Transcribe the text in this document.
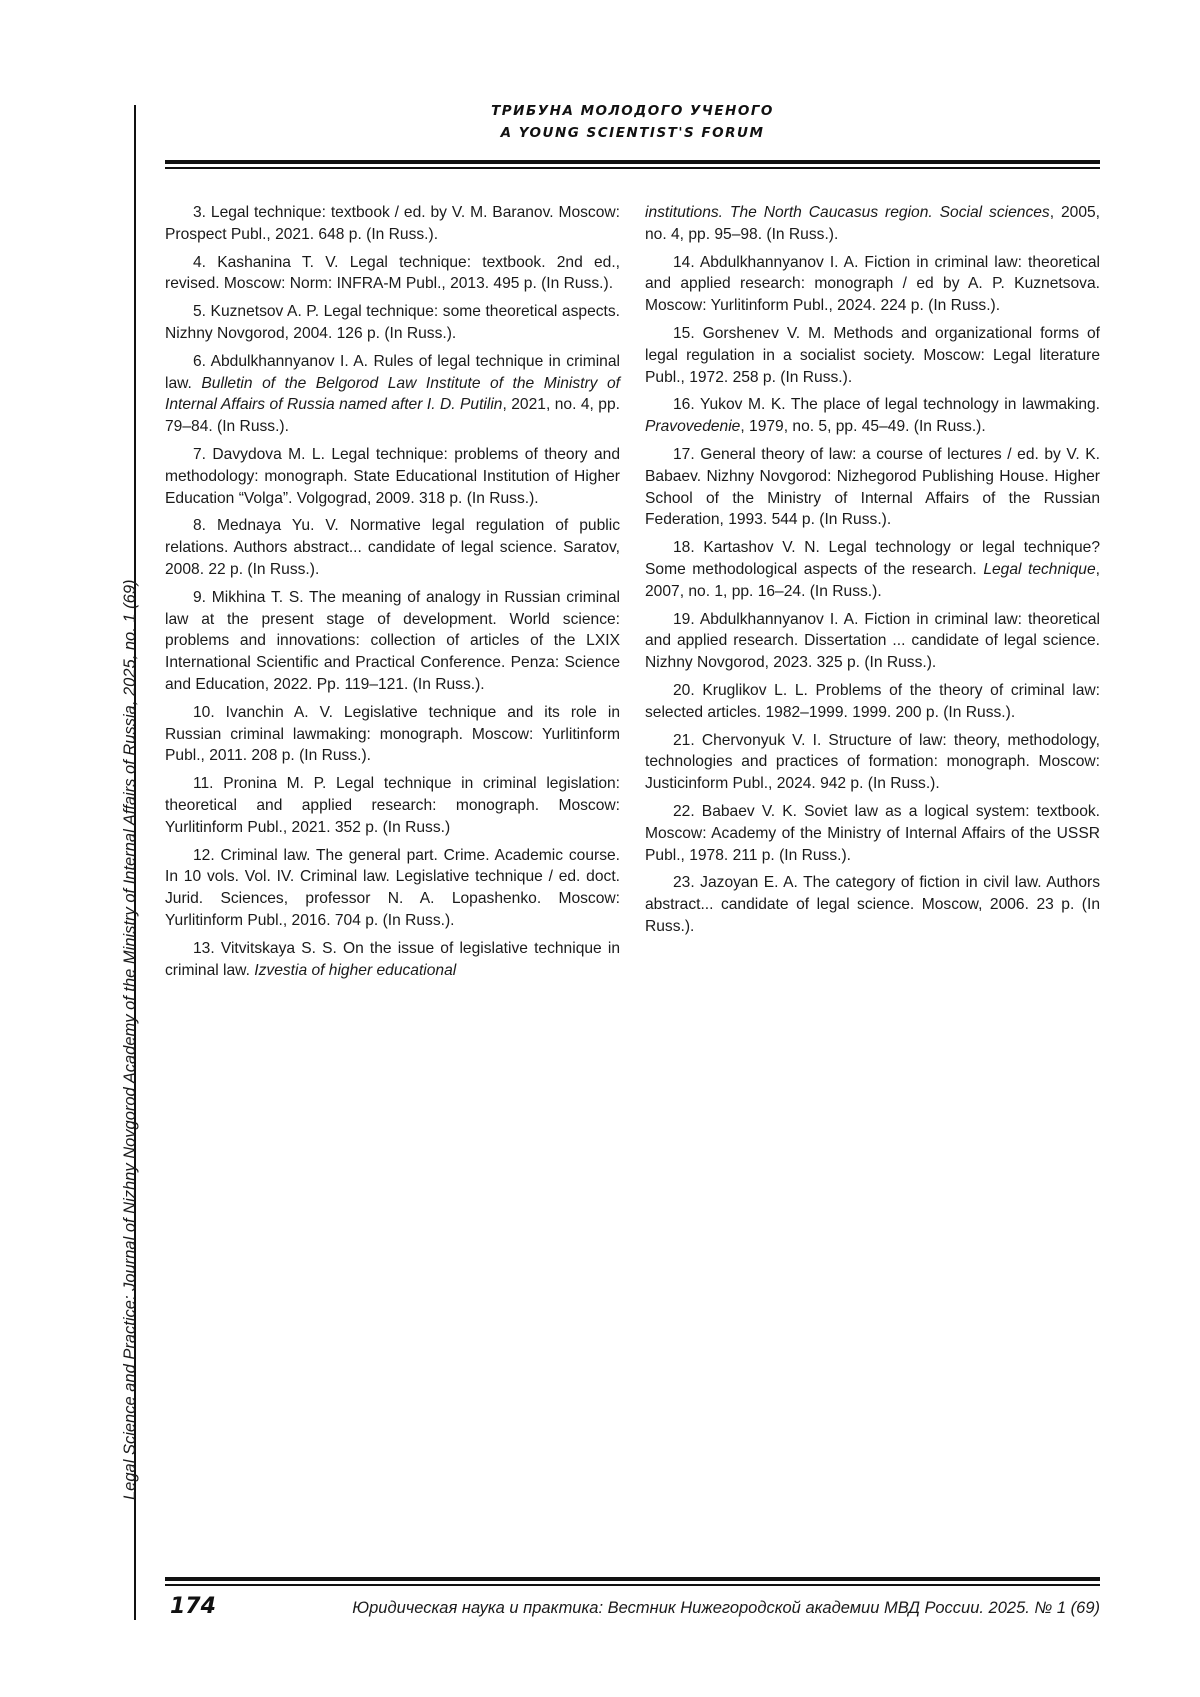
Legal Science and Practice: Journal of Nizhny Novgorod Academy of the Ministry of Internal Affairs of Russia, 2025, no. 1 (69)
ТРИБУНА МОЛОДОГО УЧЕНОГО
A YOUNG SCIENTIST'S FORUM

3. Legal technique: textbook / ed. by V. M. Baranov. Moscow: Prospect Publ., 2021. 648 p. (In Russ.).

4. Kashanina T. V. Legal technique: textbook. 2nd ed., revised. Moscow: Norm: INFRA-M Publ., 2013. 495 p. (In Russ.).

5. Kuznetsov A. P. Legal technique: some theoretical aspects. Nizhny Novgorod, 2004. 126 p. (In Russ.).

6. Abdulkhannyanov I. A. Rules of legal technique in criminal law. Bulletin of the Belgorod Law Institute of the Ministry of Internal Affairs of Russia named after I. D. Putilin, 2021, no. 4, pp. 79–84. (In Russ.).

7. Davydova M. L. Legal technique: problems of theory and methodology: monograph. State Educational Institution of Higher Education “Volga”. Volgograd, 2009. 318 p. (In Russ.).

8. Mednaya Yu. V. Normative legal regulation of public relations. Authors abstract... candidate of legal science. Saratov, 2008. 22 p. (In Russ.).

9. Mikhina T. S. The meaning of analogy in Russian criminal law at the present stage of development. World science: problems and innovations: collection of articles of the LXIX International Scientific and Practical Conference. Penza: Science and Education, 2022. Pp. 119–121. (In Russ.).

10. Ivanchin A. V. Legislative technique and its role in Russian criminal lawmaking: monograph. Moscow: Yurlitinform Publ., 2011. 208 p. (In Russ.).

11. Pronina M. P. Legal technique in criminal legislation: theoretical and applied research: monograph. Moscow: Yurlitinform Publ., 2021. 352 p. (In Russ.)

12. Criminal law. The general part. Crime. Academic course. In 10 vols. Vol. IV. Criminal law. Legislative technique / ed. doct. Jurid. Sciences, professor N. A. Lopashenko. Moscow: Yurlitinform Publ., 2016. 704 p. (In Russ.).

13. Vitvitskaya S. S. On the issue of legislative technique in criminal law. Izvestia of higher educational

institutions. The North Caucasus region. Social sciences, 2005, no. 4, pp. 95–98. (In Russ.).

14. Abdulkhannyanov I. A. Fiction in criminal law: theoretical and applied research: monograph / ed by A. P. Kuznetsova. Moscow: Yurlitinform Publ., 2024. 224 p. (In Russ.).

15. Gorshenev V. M. Methods and organizational forms of legal regulation in a socialist society. Moscow: Legal literature Publ., 1972. 258 p. (In Russ.).

16. Yukov M. K. The place of legal technology in lawmaking. Pravovedenie, 1979, no. 5, pp. 45–49. (In Russ.).

17. General theory of law: a course of lectures / ed. by V. K. Babaev. Nizhny Novgorod: Nizhegorod Publishing House. Higher School of the Ministry of Internal Affairs of the Russian Federation, 1993. 544 p. (In Russ.).

18. Kartashov V. N. Legal technology or legal technique? Some methodological aspects of the research. Legal technique, 2007, no. 1, pp. 16–24. (In Russ.).

19. Abdulkhannyanov I. A. Fiction in criminal law: theoretical and applied research. Dissertation ... candidate of legal science. Nizhny Novgorod, 2023. 325 p. (In Russ.).

20. Kruglikov L. L. Problems of the theory of criminal law: selected articles. 1982–1999. 1999. 200 p. (In Russ.).

21. Chervonyuk V. I. Structure of law: theory, methodology, technologies and practices of formation: monograph. Moscow: Justicinform Publ., 2024. 942 p. (In Russ.).

22. Babaev V. K. Soviet law as a logical system: textbook. Moscow: Academy of the Ministry of Internal Affairs of the USSR Publ., 1978. 211 p. (In Russ.).

23. Jazoyan E. A. The category of fiction in civil law. Authors abstract... candidate of legal science. Moscow, 2006. 23 p. (In Russ.).

174	Юридическая наука и практика: Вестник Нижегородской академии МВД России. 2025. № 1 (69)
